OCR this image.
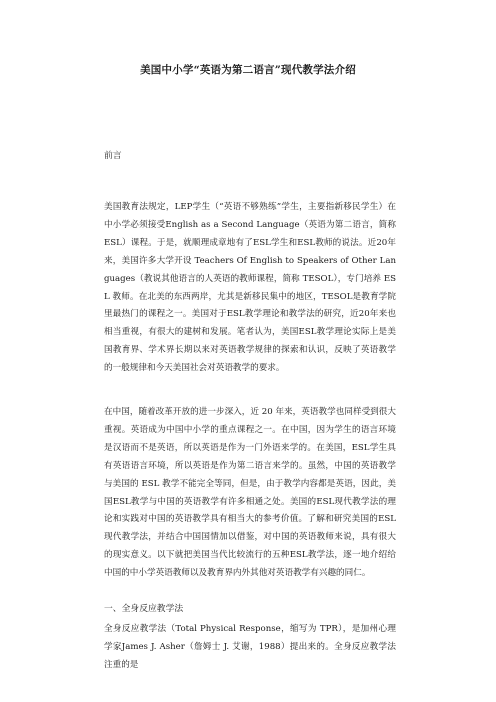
美国中小学“英语为第二语言”现代教学法介绍
前言
美国教育法规定，LEP学生（“英语不够熟练”学生，主要指新移民学生）在中小学必须接受English as a Second Language（英语为第二语言，简称ESL）课程。于是，就顺理成章地有了ESL学生和ESL教师的说法。近20年来，美国许多大学开设 Teachers Of English to Speakers of Other Languages（教说其他语言的人英语的教师课程，简称 TESOL），专门培养 ESL 教师。在北美的东西两岸，尤其是新移民集中的地区，TESOL是教育学院里最热门的课程之一。美国对于ESL教学理论和教学法的研究，近20年来也相当重视，有很大的建树和发展。笔者认为，美国ESL教学理论实际上是美国教育界、学术界长期以来对英语教学规律的探索和认识，反映了英语教学的一般规律和今天美国社会对英语教学的要求。
在中国，随着改革开放的进一步深入，近 20 年来，英语教学也同样受到很大重视。英语成为中国中小学的重点课程之一。在中国，因为学生的语言环境是汉语而不是英语，所以英语是作为一门外语来学的。在美国，ESL学生具有英语语言环境，所以英语是作为第二语言来学的。虽然，中国的英语教学与美国的 ESL 教学不能完全等同，但是，由于教学内容都是英语，因此，美国ESL教学与中国的英语教学有许多相通之处。美国的ESL现代教学法的理论和实践对中国的英语教学具有相当大的参考价值。了解和研究美国的ESL现代教学法，并结合中国国情加以借鉴，对中国的英语教师来说，具有很大的现实意义。以下就把美国当代比较流行的五种ESL教学法，逐一地介绍给中国的中小学英语教师以及教育界内外其他对英语教学有兴趣的同仁。
一、全身反应教学法
全身反应教学法（Total Physical Response，缩写为 TPR），是加州心理学家James J. Asher（詹姆士 J. 艾谢，1988）提出来的。全身反应教学法注重的是
